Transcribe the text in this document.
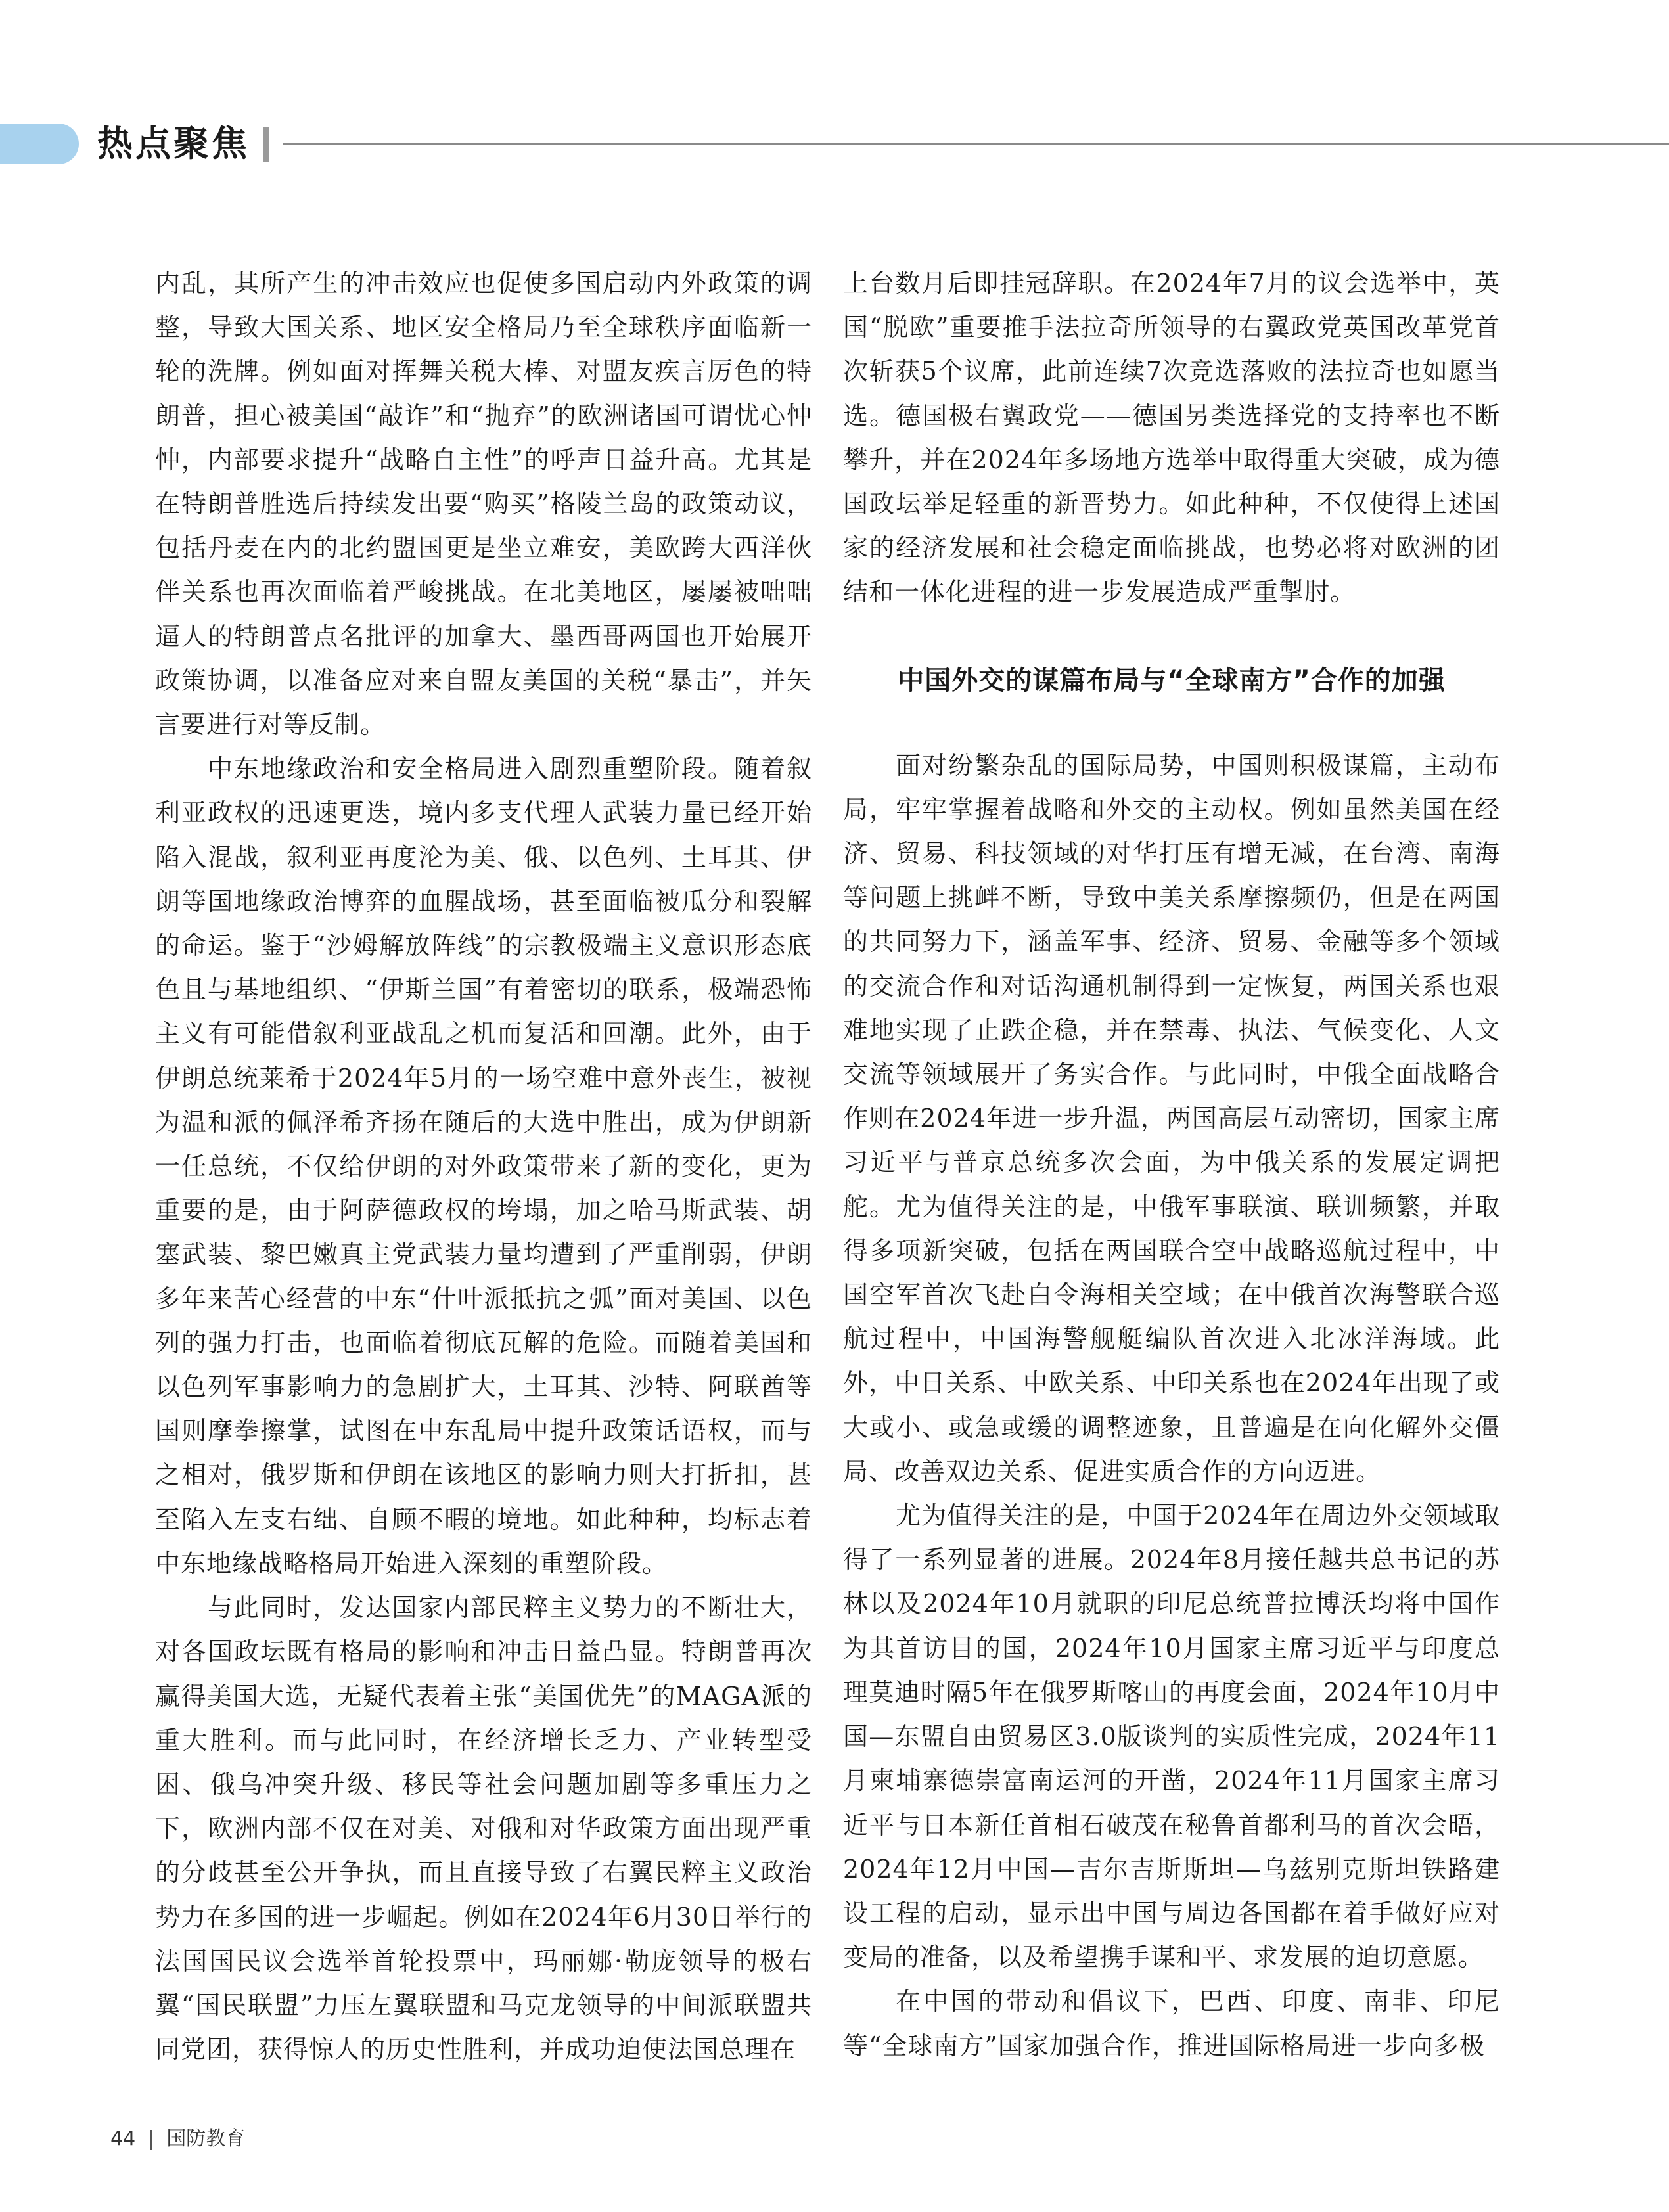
热点聚焦

内乱，其所产生的冲击效应也促使多国启动内外政策的调整，导致大国关系、地区安全格局乃至全球秩序面临新一轮的洗牌。例如面对挥舞关税大棒、对盟友疾言厉色的特朗普，担心被美国“敲诈”和“抛弃”的欧洲诸国可谓忧心忡忡，内部要求提升“战略自主性”的呼声日益升高。尤其是在特朗普胜选后持续发出要“购买”格陵兰岛的政策动议，包括丹麦在内的北约盟国更是坐立难安，美欧跨大西洋伙伴关系也再次面临着严峻挑战。在北美地区，屡屡被咄咄逼人的特朗普点名批评的加拿大、墨西哥两国也开始展开政策协调，以准备应对来自盟友美国的关税“暴击”，并矢言要进行对等反制。

中东地缘政治和安全格局进入剧烈重塑阶段。随着叙利亚政权的迅速更迭，境内多支代理人武装力量已经开始陷入混战，叙利亚再度沦为美、俄、以色列、土耳其、伊朗等国地缘政治博弈的血腥战场，甚至面临被瓜分和裂解的命运。鉴于“沙姆解放阵线”的宗教极端主义意识形态底色且与基地组织、“伊斯兰国”有着密切的联系，极端恐怖主义有可能借叙利亚战乱之机而复活和回潮。此外，由于伊朗总统莱希于2024年5月的一场空难中意外丧生，被视为温和派的佩泽希齐扬在随后的大选中胜出，成为伊朗新一任总统，不仅给伊朗的对外政策带来了新的变化，更为重要的是，由于阿萨德政权的垮塌，加之哈马斯武装、胡塞武装、黎巴嫩真主党武装力量均遭到了严重削弱，伊朗多年来苦心经营的中东“什叶派抵抗之弧”面对美国、以色列的强力打击，也面临着彻底瓦解的危险。而随着美国和以色列军事影响力的急剧扩大，土耳其、沙特、阿联酋等国则摩拳擦掌，试图在中东乱局中提升政策话语权，而与之相对，俄罗斯和伊朗在该地区的影响力则大打折扣，甚至陷入左支右绌、自顾不暇的境地。如此种种，均标志着中东地缘战略格局开始进入深刻的重塑阶段。

与此同时，发达国家内部民粹主义势力的不断壮大，对各国政坛既有格局的影响和冲击日益凸显。特朗普再次赢得美国大选，无疑代表着主张“美国优先”的MAGA派的重大胜利。而与此同时，在经济增长乏力、产业转型受困、俄乌冲突升级、移民等社会问题加剧等多重压力之下，欧洲内部不仅在对美、对俄和对华政策方面出现严重的分歧甚至公开争执，而且直接导致了右翼民粹主义政治势力在多国的进一步崛起。例如在2024年6月30日举行的法国国民议会选举首轮投票中，玛丽娜·勒庞领导的极右翼“国民联盟”力压左翼联盟和马克龙领导的中间派联盟共同党团，获得惊人的历史性胜利，并成功迫使法国总理在

上台数月后即挂冠辞职。在2024年7月的议会选举中，英国“脱欧”重要推手法拉奇所领导的右翼政党英国改革党首次斩获5个议席，此前连续7次竞选落败的法拉奇也如愿当选。德国极右翼政党——德国另类选择党的支持率也不断攀升，并在2024年多场地方选举中取得重大突破，成为德国政坛举足轻重的新晋势力。如此种种，不仅使得上述国家的经济发展和社会稳定面临挑战，也势必将对欧洲的团结和一体化进程的进一步发展造成严重掣肘。

中国外交的谋篇布局与“全球南方”合作的加强

面对纷繁杂乱的国际局势，中国则积极谋篇，主动布局，牢牢掌握着战略和外交的主动权。例如虽然美国在经济、贸易、科技领域的对华打压有增无减，在台湾、南海等问题上挑衅不断，导致中美关系摩擦频仍，但是在两国的共同努力下，涵盖军事、经济、贸易、金融等多个领域的交流合作和对话沟通机制得到一定恢复，两国关系也艰难地实现了止跌企稳，并在禁毒、执法、气候变化、人文交流等领域展开了务实合作。与此同时，中俄全面战略合作则在2024年进一步升温，两国高层互动密切，国家主席习近平与普京总统多次会面，为中俄关系的发展定调把舵。尤为值得关注的是，中俄军事联演、联训频繁，并取得多项新突破，包括在两国联合空中战略巡航过程中，中国空军首次飞赴白令海相关空域；在中俄首次海警联合巡航过程中，中国海警舰艇编队首次进入北冰洋海域。此外，中日关系、中欧关系、中印关系也在2024年出现了或大或小、或急或缓的调整迹象，且普遍是在向化解外交僵局、改善双边关系、促进实质合作的方向迈进。

尤为值得关注的是，中国于2024年在周边外交领域取得了一系列显著的进展。2024年8月接任越共总书记的苏林以及2024年10月就职的印尼总统普拉博沃均将中国作为其首访目的国，2024年10月国家主席习近平与印度总理莫迪时隔5年在俄罗斯喀山的再度会面，2024年10月中国—东盟自由贸易区3.0版谈判的实质性完成，2024年11月柬埔寨德崇富南运河的开凿，2024年11月国家主席习近平与日本新任首相石破茂在秘鲁首都利马的首次会晤，2024年12月中国—吉尔吉斯斯坦—乌兹别克斯坦铁路建设工程的启动，显示出中国与周边各国都在着手做好应对变局的准备，以及希望携手谋和平、求发展的迫切意愿。

在中国的带动和倡议下，巴西、印度、南非、印尼等“全球南方”国家加强合作，推进国际格局进一步向多极

44 国防教育
